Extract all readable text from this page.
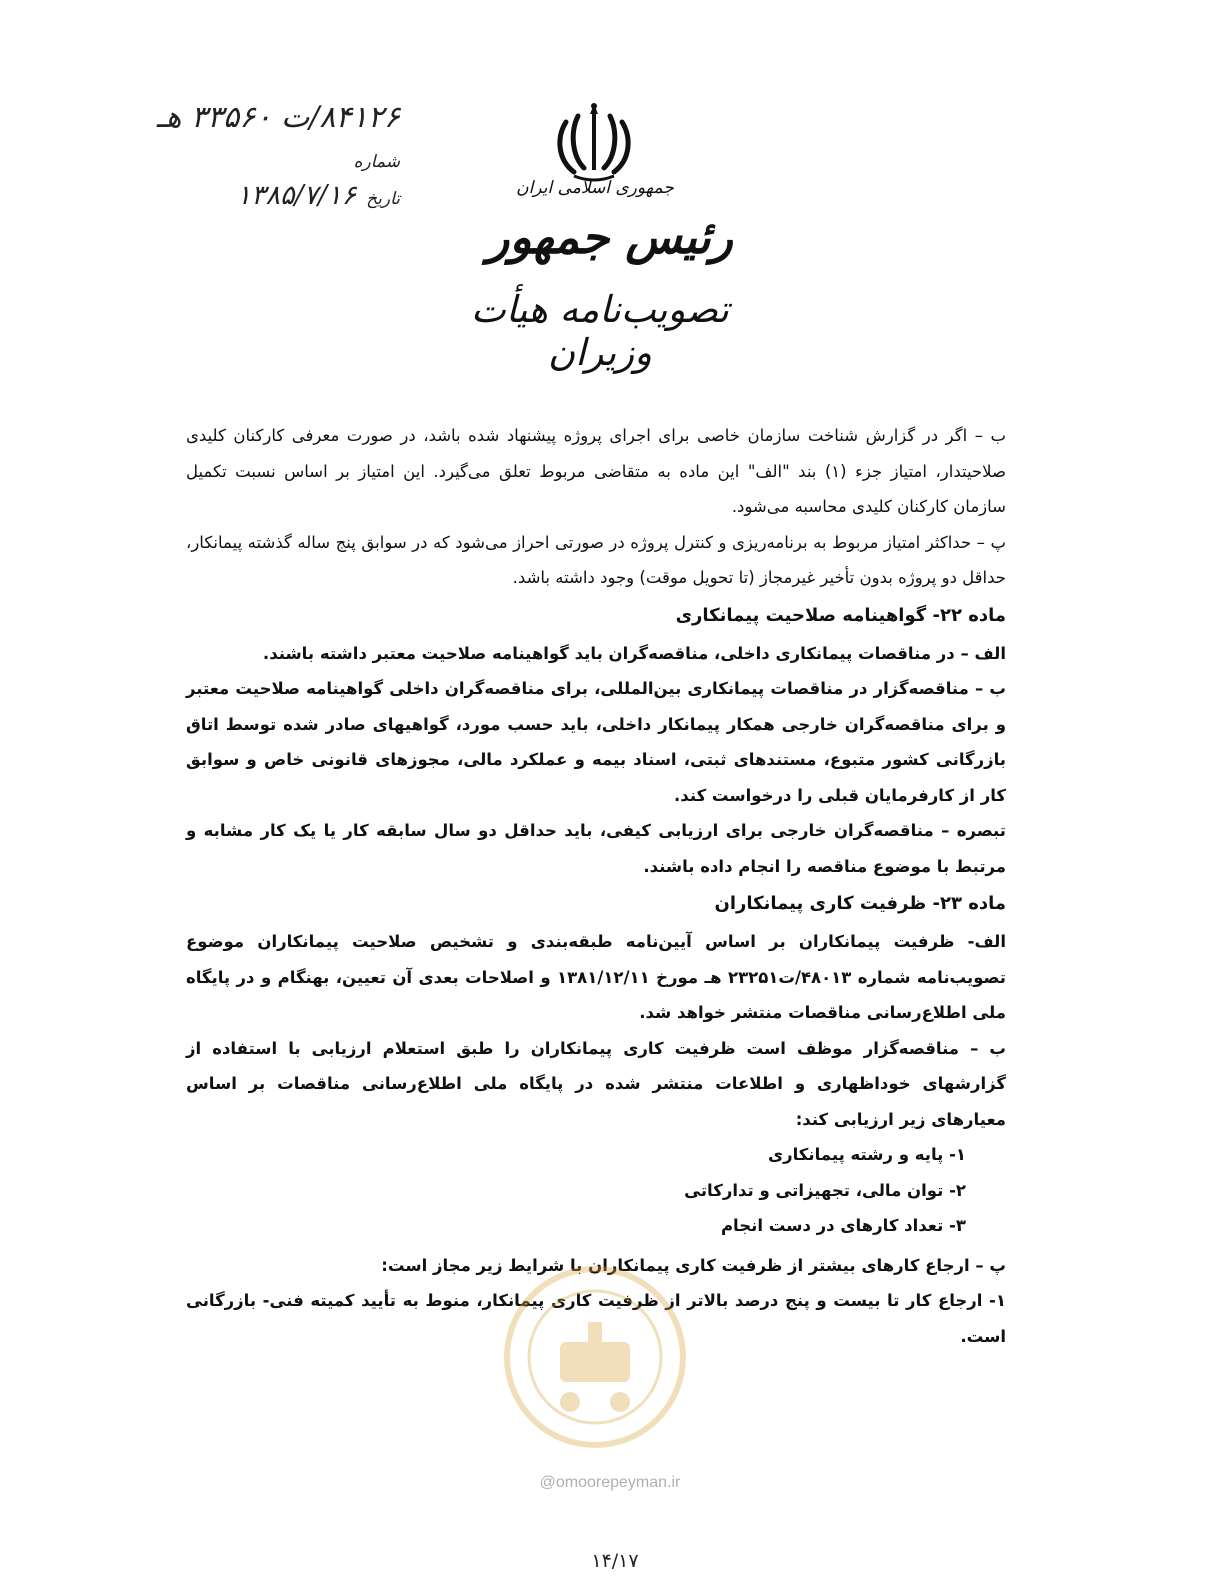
۸۴۱۲۶/ت ۳۳۵۶۰ هـ
شماره
تاریخ
۱۳۸۵/۷/۱۶	جمهوری اسلامی ایران
رئیس جمهور
تصویب‌نامه هیأت وزیران

ب – اگر در گزارش شناخت سازمان خاصی برای اجرای پروژه پیشنهاد شده باشد، در صورت معرفی کارکنان کلیدی صلاحیتدار، امتیاز جزء (۱) بند "الف" این ماده به متقاضی مربوط تعلق می‌گیرد. این امتیاز بر اساس نسبت تکمیل سازمان کارکنان کلیدی محاسبه می‌شود.

پ – حداکثر امتیاز مربوط به برنامه‌ریزی و کنترل پروژه در صورتی احراز می‌شود که در سوابق پنج ساله گذشته پیمانکار، حداقل دو پروژه بدون تأخیر غیرمجاز (تا تحویل موقت) وجود داشته باشد.

ماده ۲۲- گواهینامه صلاحیت پیمانکاری

الف – در مناقصات پیمانکاری داخلی، مناقصه‌گران باید گواهینامه صلاحیت معتبر داشته باشند.

ب – مناقصه‌گزار در مناقصات پیمانکاری بین‌المللی، برای مناقصه‌گران داخلی گواهینامه صلاحیت معتبر و برای مناقصه‌گران خارجی همکار پیمانکار داخلی، باید حسب مورد، گواهیهای صادر شده توسط اتاق بازرگانی کشور متبوع، مستندهای ثبتی، اسناد بیمه و عملکرد مالی، مجوزهای قانونی خاص و سوابق کار از کارفرمایان قبلی را درخواست کند.

تبصره – مناقصه‌گران خارجی برای ارزیابی کیفی، باید حداقل دو سال سابقه کار یا یک کار مشابه و مرتبط با موضوع مناقصه را انجام داده باشند.

ماده ۲۳- ظرفیت کاری پیمانکاران

الف- ظرفیت پیمانکاران بر اساس آیین‌نامه طبقه‌بندی و تشخیص صلاحیت پیمانکاران موضوع تصویب‌نامه شماره ۴۸۰۱۳/ت۲۳۲۵۱ هـ مورخ ۱۳۸۱/۱۲/۱۱ و اصلاحات بعدی آن تعیین، بهنگام و در پایگاه ملی اطلاع‌رسانی مناقصات منتشر خواهد شد.

ب – مناقصه‌گزار موظف است ظرفیت کاری پیمانکاران را طبق استعلام ارزیابی با استفاده از گزارشهای خوداظهاری و اطلاعات منتشر شده در پایگاه ملی اطلاع‌رسانی مناقصات بر اساس معیارهای زیر ارزیابی کند:

۱- پایه و رشته پیمانکاری

۲- توان مالی، تجهیزاتی و تدارکاتی

۳- تعداد کارهای در دست انجام

پ – ارجاع کارهای بیشتر از ظرفیت کاری پیمانکاران با شرایط زیر مجاز است:

۱- ارجاع کار تا بیست و پنج درصد بالاتر از ظرفیت کاری پیمانکار، منوط به تأیید کمیته فنی- بازرگانی است.

@omoorepeyman.ir
۱۴/۱۷
